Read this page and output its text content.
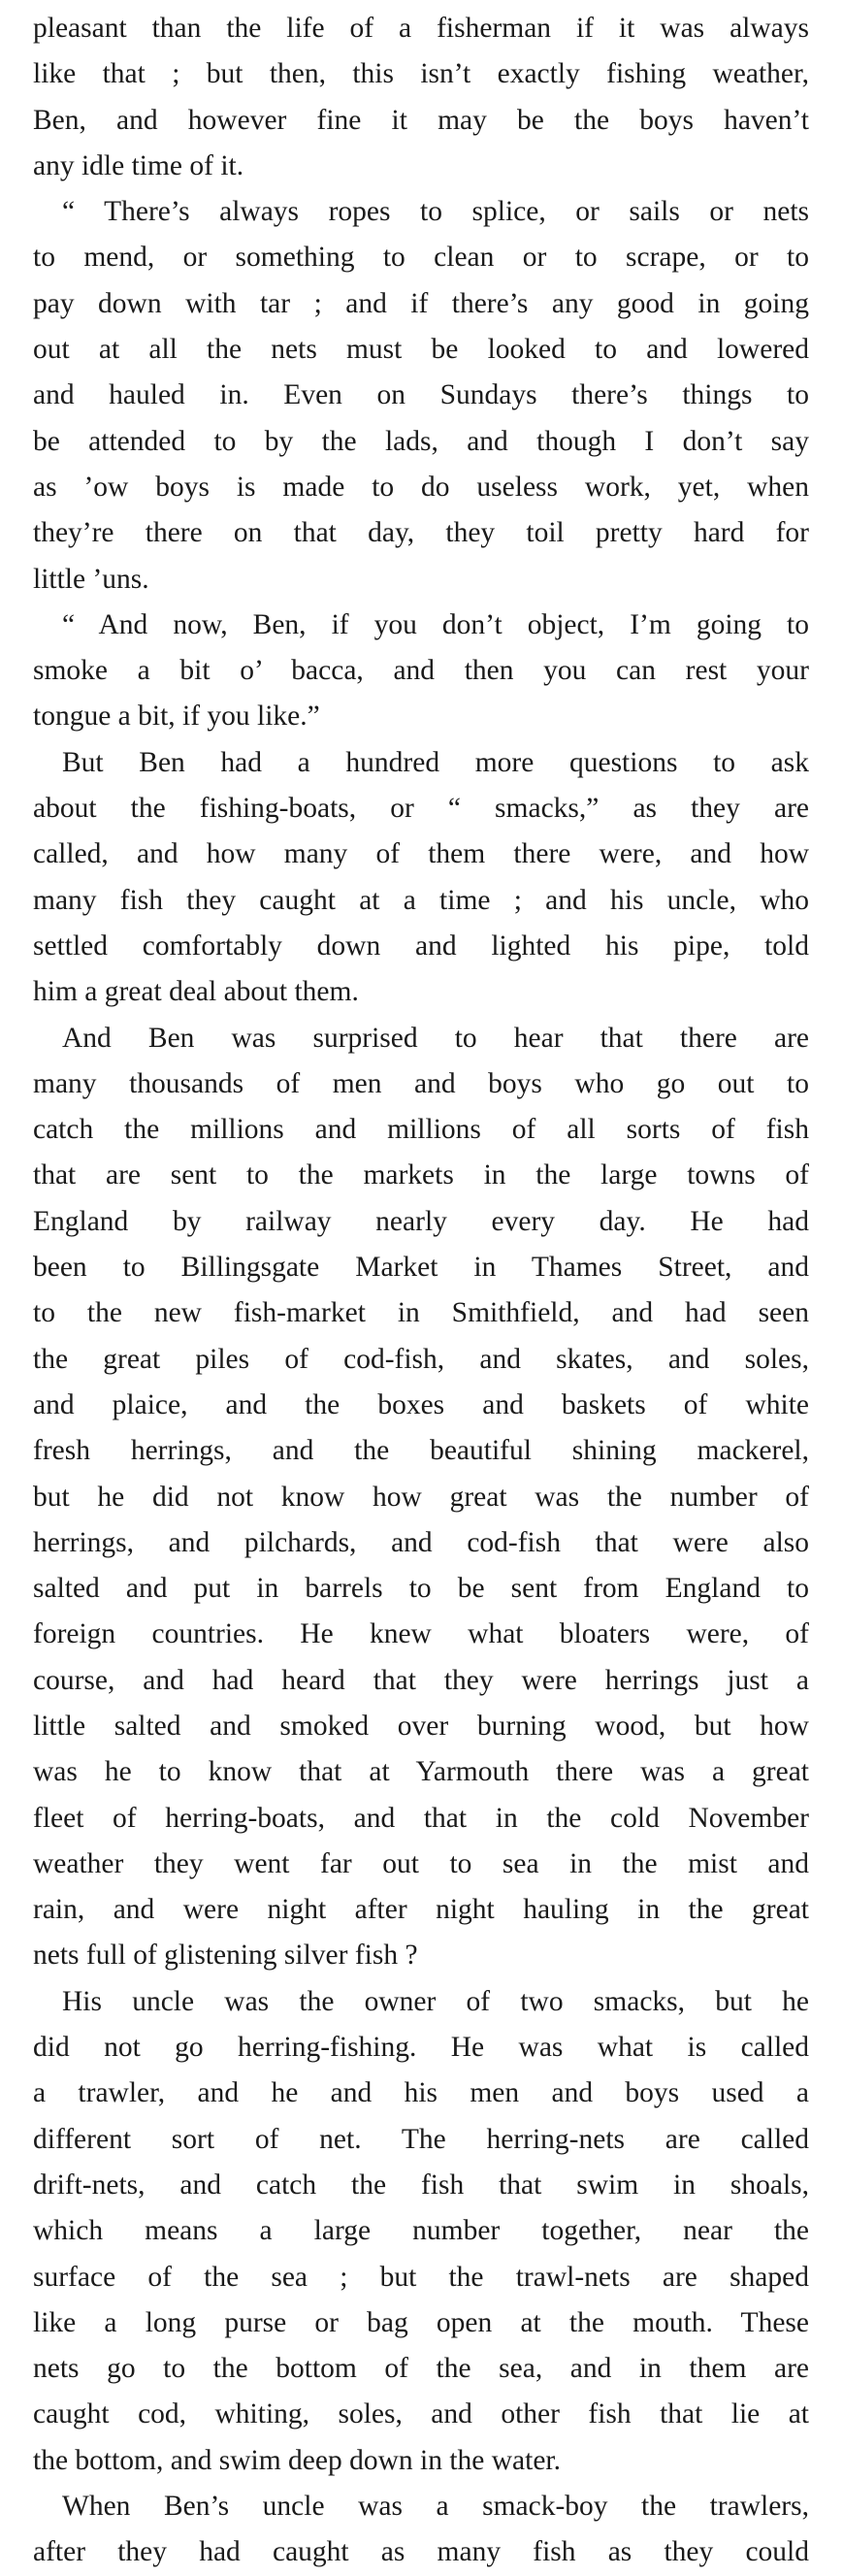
pleasant than the life of a fisherman if it was always
like that ; but then, this isn’t exactly fishing weather,
Ben, and however fine it may be the boys haven’t
any idle time of it.

“ There’s always ropes to splice, or sails or nets
to mend, or something to clean or to scrape, or to
pay down with tar ; and if there’s any good in going
out at all the nets must be looked to and lowered
and hauled in. Even on Sundays there’s things to
be attended to by the lads, and though I don’t say
as ’ow boys is made to do useless work, yet, when
they’re there on that day, they toil pretty hard for
little ’uns.

“ And now, Ben, if you don’t object, I’m going to
smoke a bit o’ bacca, and then you can rest your
tongue a bit, if you like.”

But Ben had a hundred more questions to ask
about the fishing-boats, or “ smacks,” as they are
called, and how many of them there were, and how
many fish they caught at a time ; and his uncle, who
settled comfortably down and lighted his pipe, told
him a great deal about them.

And Ben was surprised to hear that there are
many thousands of men and boys who go out to
catch the millions and millions of all sorts of fish
that are sent to the markets in the large towns of
England by railway nearly every day. He had
been to Billingsgate Market in Thames Street, and
to the new fish-market in Smithfield, and had seen
the great piles of cod-fish, and skates, and soles,
and plaice, and the boxes and baskets of white
fresh herrings, and the beautiful shining mackerel,
but he did not know how great was the number of
herrings, and pilchards, and cod-fish that were also
salted and put in barrels to be sent from England to
foreign countries. He knew what bloaters were, of
course, and had heard that they were herrings just a
little salted and smoked over burning wood, but how
was he to know that at Yarmouth there was a great
fleet of herring-boats, and that in the cold November
weather they went far out to sea in the mist and
rain, and were night after night hauling in the great
nets full of glistening silver fish ?

His uncle was the owner of two smacks, but he
did not go herring-fishing. He was what is called
a trawler, and he and his men and boys used a
different sort of net. The herring-nets are called
drift-nets, and catch the fish that swim in shoals,
which means a large number together, near the
surface of the sea ; but the trawl-nets are shaped
like a long purse or bag open at the mouth. These
nets go to the bottom of the sea, and in them are
caught cod, whiting, soles, and other fish that lie at
the bottom, and swim deep down in the water.

When Ben’s uncle was a smack-boy the trawlers,
after they had caught as many fish as they could
